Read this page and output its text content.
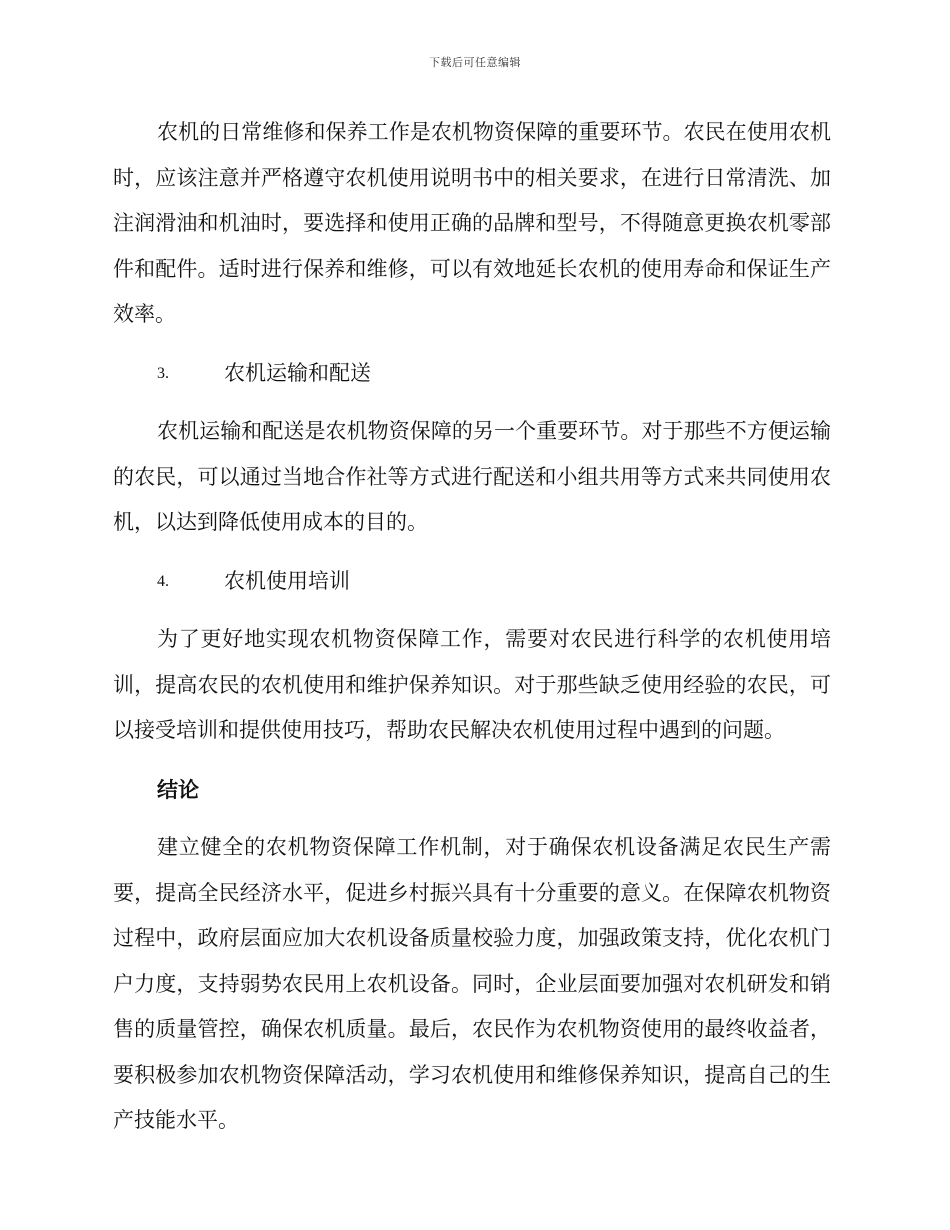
下载后可任意编辑

农机的日常维修和保养工作是农机物资保障的重要环节。农民在使用农机时，应该注意并严格遵守农机使用说明书中的相关要求，在进行日常清洗、加注润滑油和机油时，要选择和使用正确的品牌和型号，不得随意更换农机零部件和配件。适时进行保养和维修，可以有效地延长农机的使用寿命和保证生产效率。

3.	农机运输和配送

农机运输和配送是农机物资保障的另一个重要环节。对于那些不方便运输的农民，可以通过当地合作社等方式进行配送和小组共用等方式来共同使用农机，以达到降低使用成本的目的。

4.	农机使用培训

为了更好地实现农机物资保障工作，需要对农民进行科学的农机使用培训，提高农民的农机使用和维护保养知识。对于那些缺乏使用经验的农民，可以接受培训和提供使用技巧，帮助农民解决农机使用过程中遇到的问题。

结论

建立健全的农机物资保障工作机制，对于确保农机设备满足农民生产需要，提高全民经济水平，促进乡村振兴具有十分重要的意义。在保障农机物资过程中，政府层面应加大农机设备质量校验力度，加强政策支持，优化农机门户力度，支持弱势农民用上农机设备。同时，企业层面要加强对农机研发和销售的质量管控，确保农机质量。最后，农民作为农机物资使用的最终收益者，要积极参加农机物资保障活动，学习农机使用和维修保养知识，提高自己的生产技能水平。
